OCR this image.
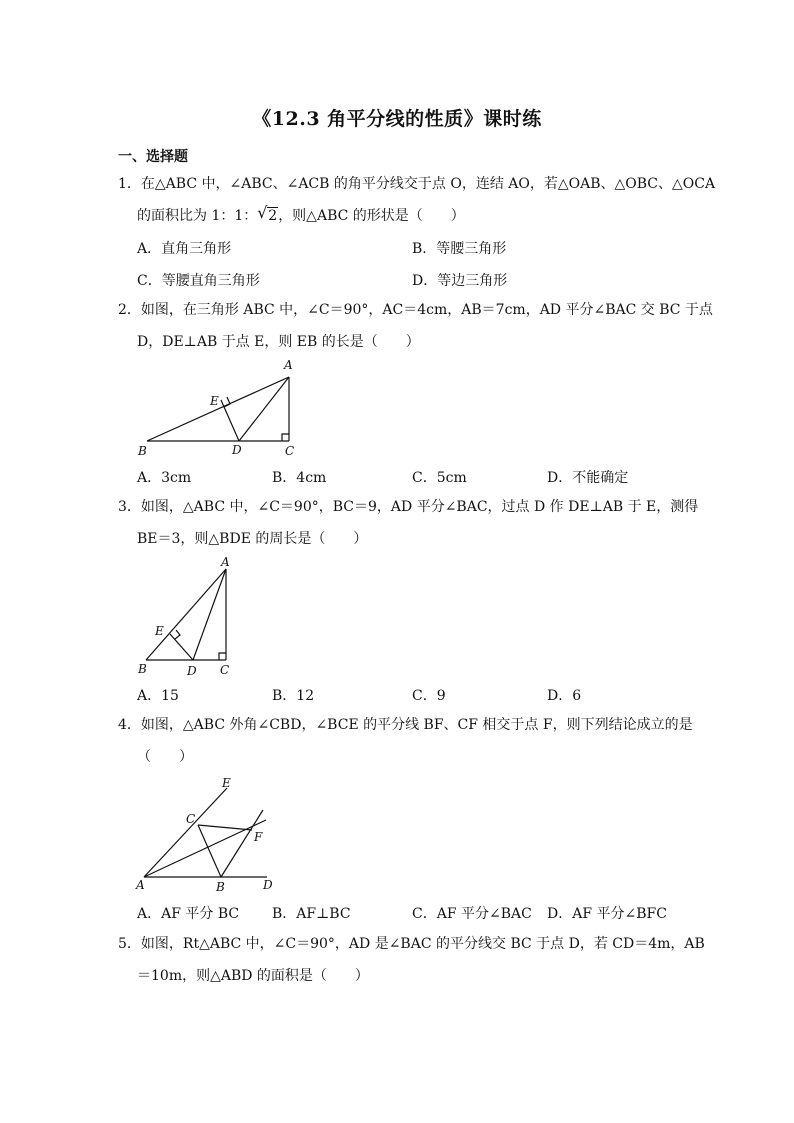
《12.3 角平分线的性质》课时练
一、选择题
1．在△ABC 中，∠ABC、∠ACB 的角平分线交于点 O，连结 AO，若△OAB、△OBC、△OCA
的面积比为 1：1： √ 2，则△ABC 的形状是（　　）
A．直角三角形	B．等腰三角形
C．等腰直角三角形	D．等边三角形
2．如图，在三角形 ABC 中，∠C＝90°，AC＝4cm，AB＝7cm，AD 平分∠BAC 交 BC 于点
D，DE⊥AB 于点 E，则 EB 的长是（　　）
A
B	C
D
E
A．3cm	B．4cm	C．5cm	D．不能确定
3．如图，△ABC 中，∠C＝90°，BC＝9，AD 平分∠BAC，过点 D 作 DE⊥AB 于 E，测得
BE＝3，则△BDE 的周长是（　　）
A
B	C
D
E
A．15	B．12	C．9	D．6
4．如图，△ABC 外角∠CBD，∠BCE 的平分线 BF、CF 相交于点 F，则下列结论成立的是
（　　）
E
C
F
A	B	D
A．AF 平分 BC B．AF⊥BC	C．AF 平分∠BAC D．AF 平分∠BFC
5．如图，Rt△ABC 中，∠C＝90°，AD 是∠BAC 的平分线交 BC 于点 D，若 CD＝4m，AB
＝10m，则△ABD 的面积是（　　）
